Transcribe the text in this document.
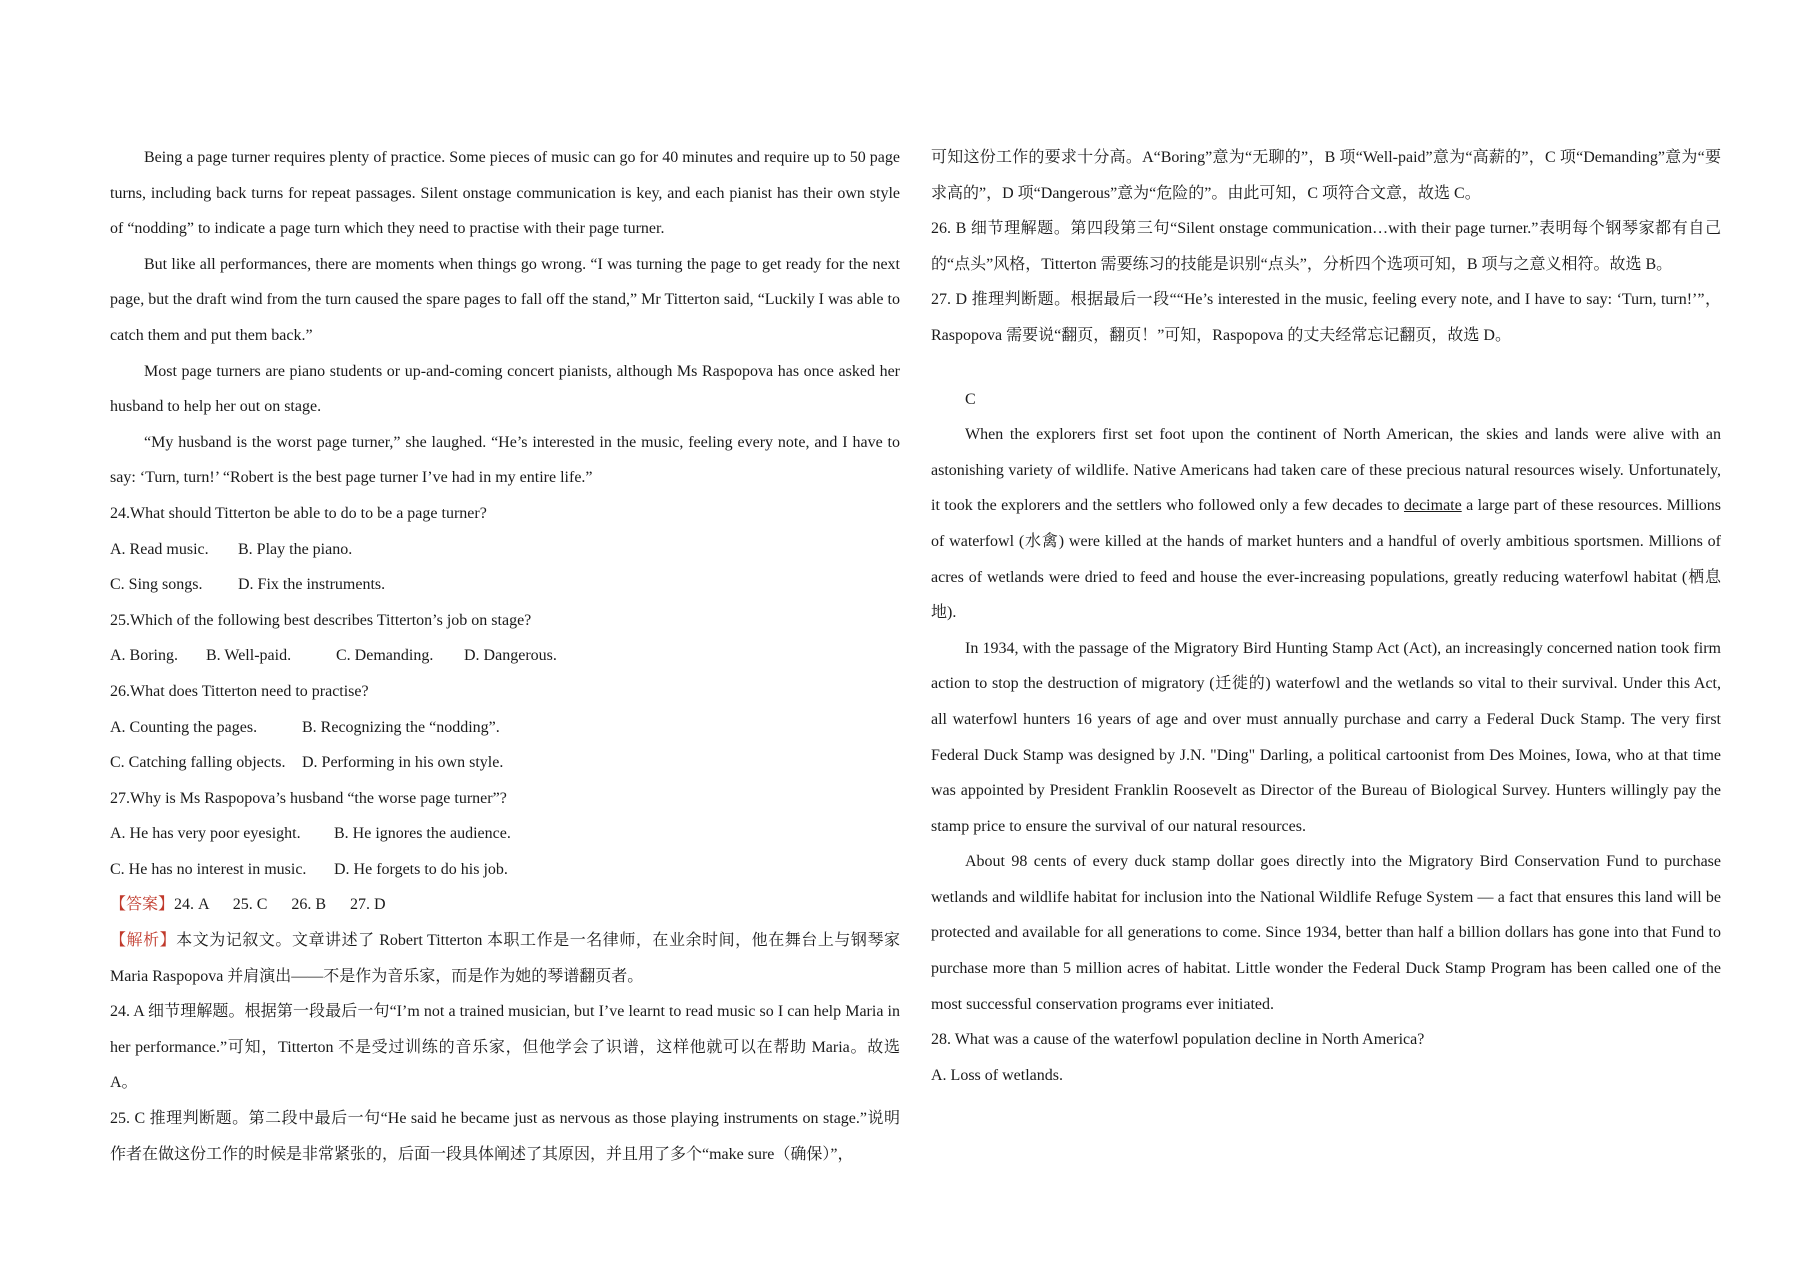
Being a page turner requires plenty of practice. Some pieces of music can go for 40 minutes and require up to 50 page turns, including back turns for repeat passages. Silent onstage communication is key, and each pianist has their own style of “nodding” to indicate a page turn which they need to practise with their page turner.

But like all performances, there are moments when things go wrong. “I was turning the page to get ready for the next page, but the draft wind from the turn caused the spare pages to fall off the stand,” Mr Titterton said, “Luckily I was able to catch them and put them back.”

Most page turners are piano students or up-and-coming concert pianists, although Ms Raspopova has once asked her husband to help her out on stage.

“My husband is the worst page turner,” she laughed. “He’s interested in the music, feeling every note, and I have to say: ‘Turn, turn!’ “Robert is the best page turner I’ve had in my entire life.”

24.What should Titterton be able to do to be a page turner?

A. Read music. B. Play the piano.

C. Sing songs. D. Fix the instruments.

25.Which of the following best describes Titterton’s job on stage?

A. Boring. B. Well-paid.	C. Demanding. D. Dangerous.

26.What does Titterton need to practise?

A. Counting the pages.	B. Recognizing the “nodding”.

C. Catching falling objects. D. Performing in his own style.

27.Why is Ms Raspopova’s husband “the worse page turner”?

A. He has very poor eyesight. B. He ignores the audience.

C. He has no interest in music. D. He forgets to do his job.

【答案】24. A      25. C      26. B      27. D

【解析】本文为记叙文。文章讲述了 Robert Titterton 本职工作是一名律师，在业余时间，他在舞台上与钢琴家 Maria Raspopova 并肩演出——不是作为音乐家，而是作为她的琴谱翻页者。

24. A 细节理解题。根据第一段最后一句“I’m not a trained musician, but I’ve learnt to read music so I can help Maria in her performance.”可知，Titterton 不是受过训练的音乐家，但他学会了识谱，这样他就可以在帮助 Maria。故选 A。

25. C 推理判断题。第二段中最后一句“He said he became just as nervous as those playing instruments on stage.”说明作者在做这份工作的时候是非常紧张的，后面一段具体阐述了其原因，并且用了多个“make sure（确保）”，

可知这份工作的要求十分高。A“Boring”意为“无聊的”，B 项“Well-paid”意为“高薪的”，C 项“Demanding”意为“要求高的”，D 项“Dangerous”意为“危险的”。由此可知，C 项符合文意，故选 C。

26. B 细节理解题。第四段第三句“Silent onstage communication…with their page turner.”表明每个钢琴家都有自己的“点头”风格，Titterton 需要练习的技能是识别“点头”，分析四个选项可知，B 项与之意义相符。故选 B。

27. D 推理判断题。根据最后一段““He’s interested in the music, feeling every note, and I have to say: ‘Turn, turn!’”，Raspopova 需要说“翻页，翻页！”可知，Raspopova 的丈夫经常忘记翻页，故选 D。

C

When the explorers first set foot upon the continent of North American, the skies and lands were alive with an astonishing variety of wildlife. Native Americans had taken care of these precious natural resources wisely. Unfortunately, it took the explorers and the settlers who followed only a few decades to decimate a large part of these resources. Millions of waterfowl (水禽) were killed at the hands of market hunters and a handful of overly ambitious sportsmen. Millions of acres of wetlands were dried to feed and house the ever-increasing populations, greatly reducing waterfowl habitat (栖息地).

In 1934, with the passage of the Migratory Bird Hunting Stamp Act (Act), an increasingly concerned nation took firm action to stop the destruction of migratory (迁徙的) waterfowl and the wetlands so vital to their survival. Under this Act, all waterfowl hunters 16 years of age and over must annually purchase and carry a Federal Duck Stamp. The very first Federal Duck Stamp was designed by J.N. "Ding" Darling, a political cartoonist from Des Moines, Iowa, who at that time was appointed by President Franklin Roosevelt as Director of the Bureau of Biological Survey. Hunters willingly pay the stamp price to ensure the survival of our natural resources.

About 98 cents of every duck stamp dollar goes directly into the Migratory Bird Conservation Fund to purchase wetlands and wildlife habitat for inclusion into the National Wildlife Refuge System — a fact that ensures this land will be protected and available for all generations to come. Since 1934, better than half a billion dollars has gone into that Fund to purchase more than 5 million acres of habitat. Little wonder the Federal Duck Stamp Program has been called one of the most successful conservation programs ever initiated.

28. What was a cause of the waterfowl population decline in North America?

A. Loss of wetlands.
